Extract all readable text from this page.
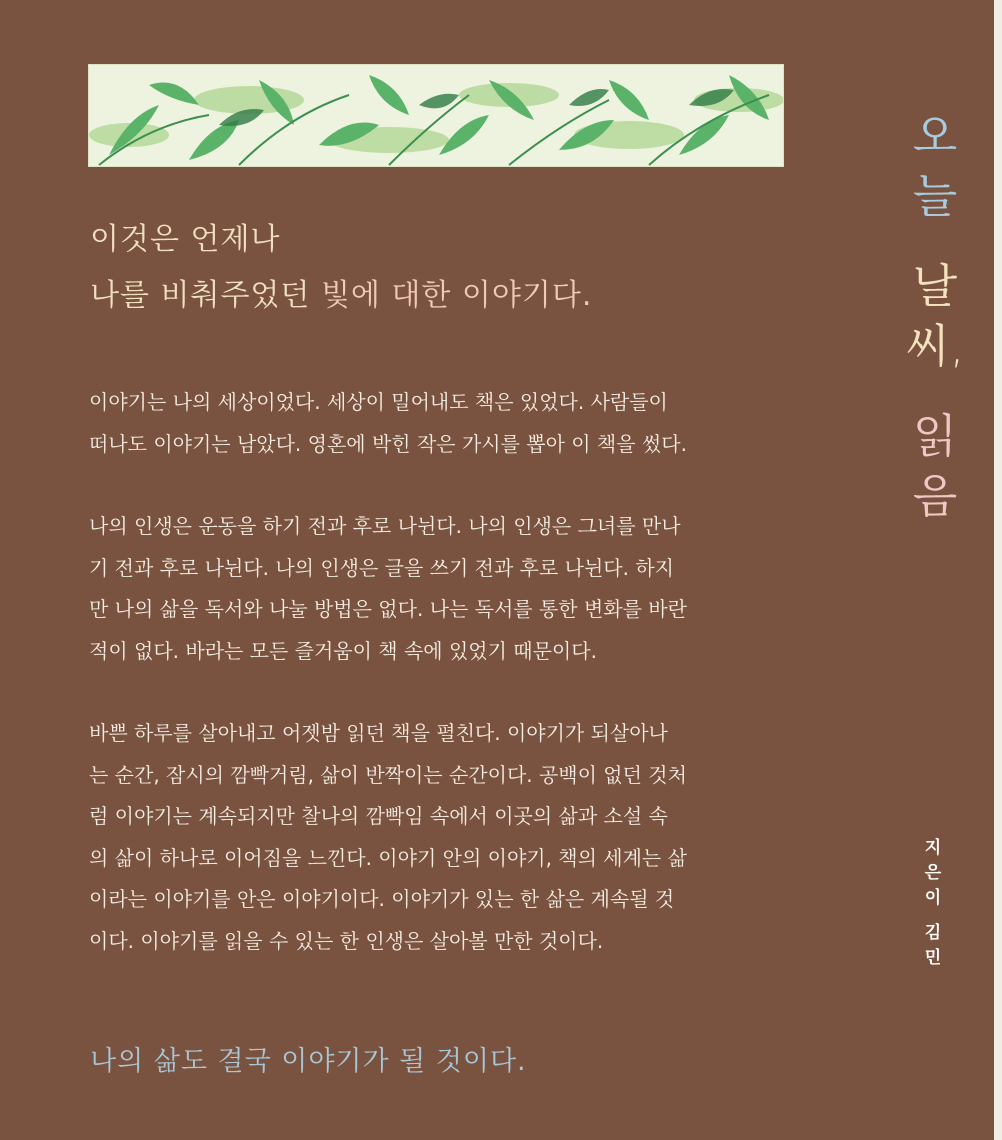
이것은 언제나
나를 비춰주었던 빛에 대한 이야기다.

이야기는 나의 세상이었다. 세상이 밀어내도 책은 있었다. 사람들이
떠나도 이야기는 남았다. 영혼에 박힌 작은 가시를 뽑아 이 책을 썼다.

나의 인생은 운동을 하기 전과 후로 나뉜다. 나의 인생은 그녀를 만나
기 전과 후로 나뉜다. 나의 인생은 글을 쓰기 전과 후로 나뉜다. 하지
만 나의 삶을 독서와 나눌 방법은 없다. 나는 독서를 통한 변화를 바란
적이 없다. 바라는 모든 즐거움이 책 속에 있었기 때문이다.

바쁜 하루를 살아내고 어젯밤 읽던 책을 펼친다. 이야기가 되살아나
는 순간, 잠시의 깜빡거림, 삶이 반짝이는 순간이다. 공백이 없던 것처
럼 이야기는 계속되지만 찰나의 깜빡임 속에서 이곳의 삶과 소설 속
의 삶이 하나로 이어짐을 느낀다. 이야기 안의 이야기, 책의 세계는 삶
이라는 이야기를 안은 이야기이다. 이야기가 있는 한 삶은 계속될 것
이다. 이야기를 읽을 수 있는 한 인생은 살아볼 만한 것이다.

나의 삶도 결국 이야기가 될 것이다.
오
늘
날
씨,
읽
음
지
은
이
김
민
